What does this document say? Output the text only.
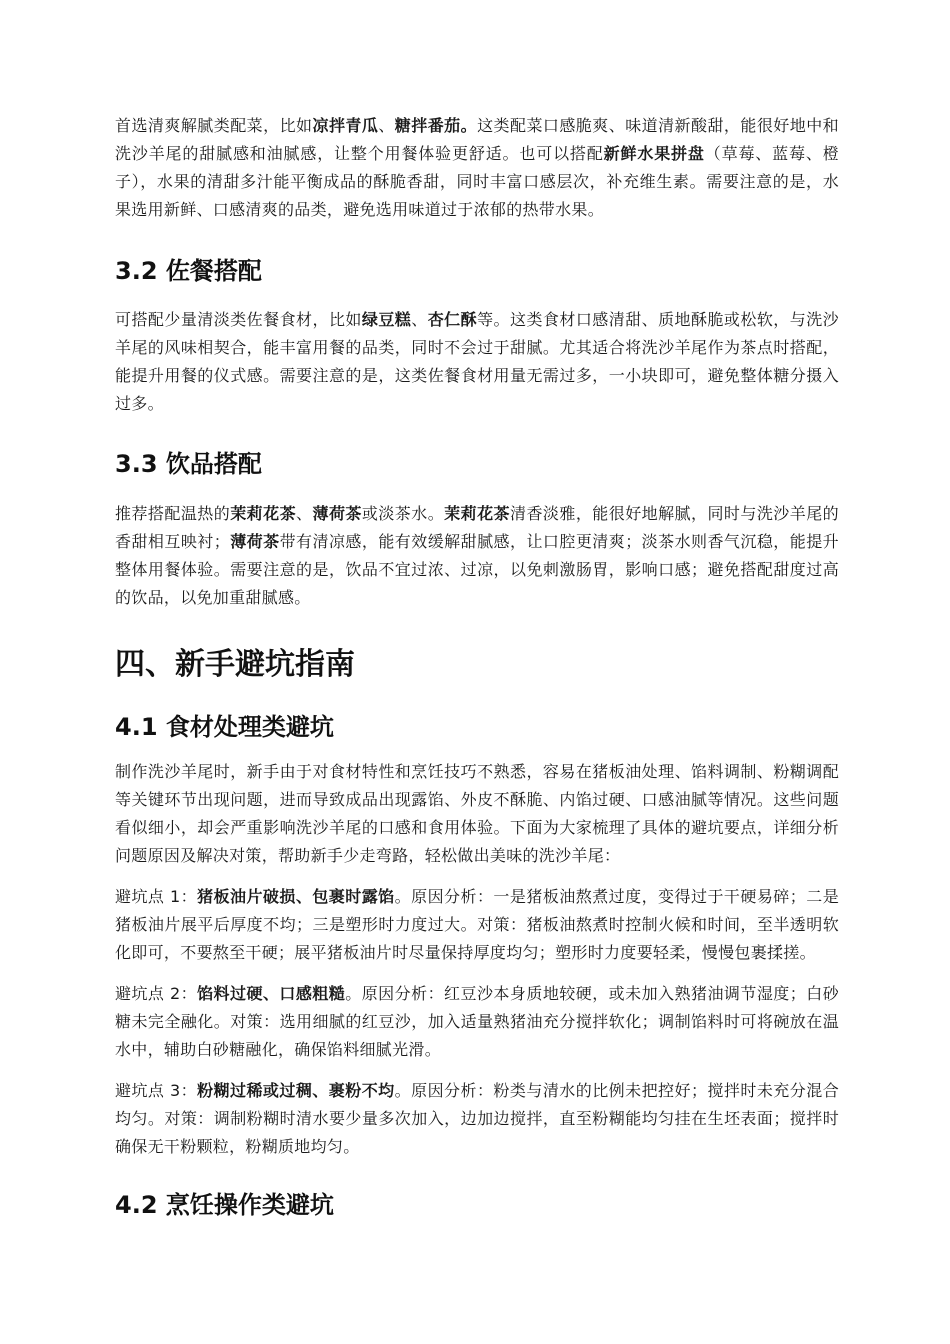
首选清爽解腻类配菜，比如凉拌青瓜、糖拌番茄。这类配菜口感脆爽、味道清新酸甜，能很好地中和洗沙羊尾的甜腻感和油腻感，让整个用餐体验更舒适。也可以搭配新鲜水果拼盘（草莓、蓝莓、橙子），水果的清甜多汁能平衡成品的酥脆香甜，同时丰富口感层次，补充维生素。需要注意的是，水果选用新鲜、口感清爽的品类，避免选用味道过于浓郁的热带水果。

3.2 佐餐搭配

可搭配少量清淡类佐餐食材，比如绿豆糕、杏仁酥等。这类食材口感清甜、质地酥脆或松软，与洗沙羊尾的风味相契合，能丰富用餐的品类，同时不会过于甜腻。尤其适合将洗沙羊尾作为茶点时搭配，能提升用餐的仪式感。需要注意的是，这类佐餐食材用量无需过多，一小块即可，避免整体糖分摄入过多。

3.3 饮品搭配

推荐搭配温热的茉莉花茶、薄荷茶或淡茶水。茉莉花茶清香淡雅，能很好地解腻，同时与洗沙羊尾的香甜相互映衬；薄荷茶带有清凉感，能有效缓解甜腻感，让口腔更清爽；淡茶水则香气沉稳，能提升整体用餐体验。需要注意的是，饮品不宜过浓、过凉，以免刺激肠胃，影响口感；避免搭配甜度过高的饮品，以免加重甜腻感。

四、新手避坑指南
4.1 食材处理类避坑

制作洗沙羊尾时，新手由于对食材特性和烹饪技巧不熟悉，容易在猪板油处理、馅料调制、粉糊调配等关键环节出现问题，进而导致成品出现露馅、外皮不酥脆、内馅过硬、口感油腻等情况。这些问题看似细小，却会严重影响洗沙羊尾的口感和食用体验。下面为大家梳理了具体的避坑要点，详细分析问题原因及解决对策，帮助新手少走弯路，轻松做出美味的洗沙羊尾：

避坑点 1：猪板油片破损、包裹时露馅。原因分析：一是猪板油熬煮过度，变得过于干硬易碎；二是猪板油片展平后厚度不均；三是塑形时力度过大。对策：猪板油熬煮时控制火候和时间，至半透明软化即可，不要熬至干硬；展平猪板油片时尽量保持厚度均匀；塑形时力度要轻柔，慢慢包裹揉搓。

避坑点 2：馅料过硬、口感粗糙。原因分析：红豆沙本身质地较硬，或未加入熟猪油调节湿度；白砂糖未完全融化。对策：选用细腻的红豆沙，加入适量熟猪油充分搅拌软化；调制馅料时可将碗放在温水中，辅助白砂糖融化，确保馅料细腻光滑。

避坑点 3：粉糊过稀或过稠、裹粉不均。原因分析：粉类与清水的比例未把控好；搅拌时未充分混合均匀。对策：调制粉糊时清水要少量多次加入，边加边搅拌，直至粉糊能均匀挂在生坯表面；搅拌时确保无干粉颗粒，粉糊质地均匀。

4.2 烹饪操作类避坑
